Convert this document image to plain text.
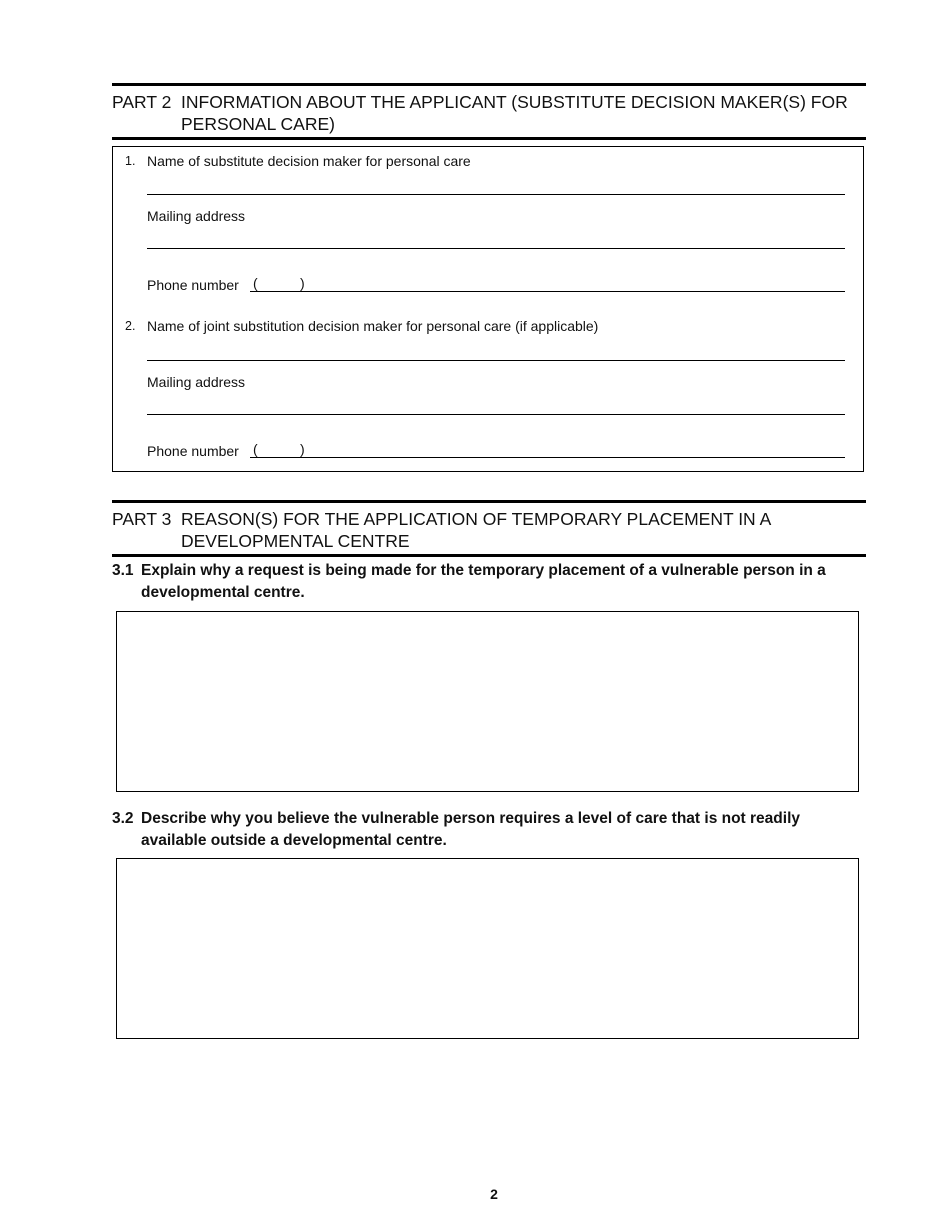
PART 2 INFORMATION ABOUT THE APPLICANT (SUBSTITUTE DECISION MAKER(S) FOR PERSONAL CARE)
1. Name of substitute decision maker for personal care
Mailing address
Phone number (	)
2. Name of joint substitution decision maker for personal care (if applicable)
Mailing address
Phone number (	)
PART 3 REASON(S) FOR THE APPLICATION OF TEMPORARY PLACEMENT IN A DEVELOPMENTAL CENTRE
3.1 Explain why a request is being made for the temporary placement of a vulnerable person in a developmental centre.
3.2 Describe why you believe the vulnerable person requires a level of care that is not readily available outside a developmental centre.
2
